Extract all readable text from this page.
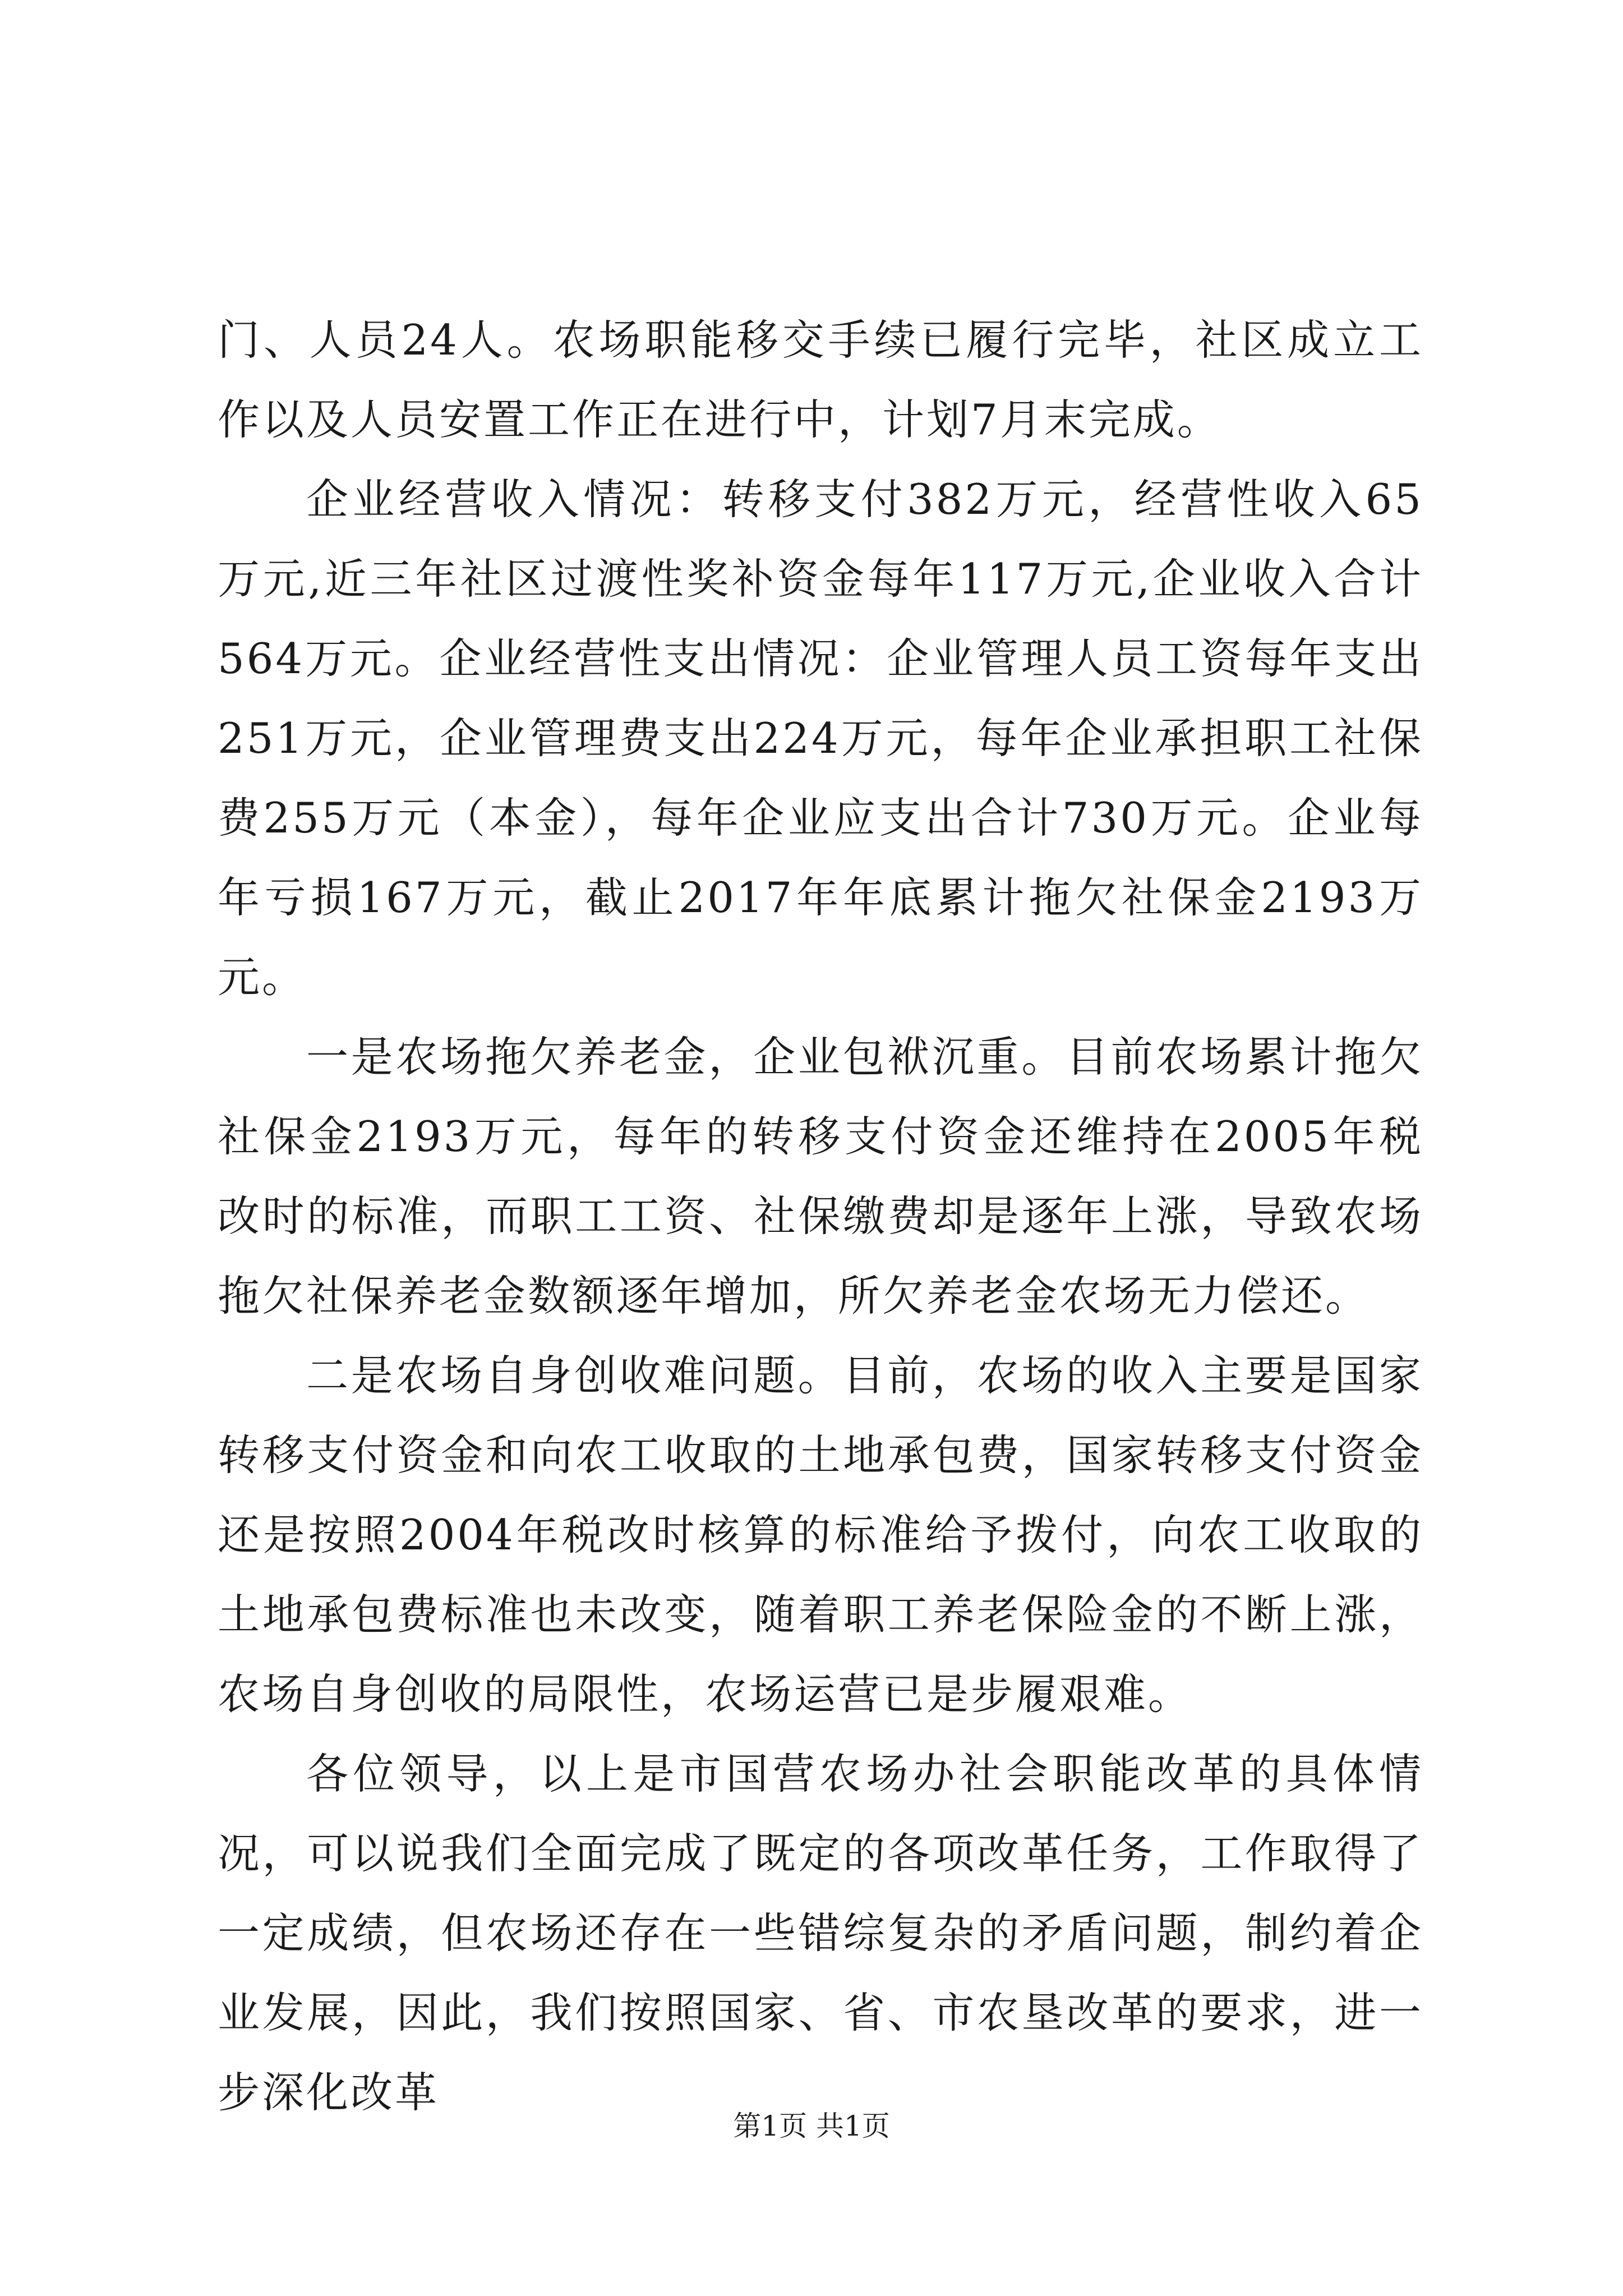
门、人员24人。农场职能移交手续已履行完毕，社区成立工作以及人员安置工作正在进行中，计划7月末完成。

企业经营收入情况：转移支付382万元，经营性收入65万元,近三年社区过渡性奖补资金每年117万元,企业收入合计564万元。企业经营性支出情况：企业管理人员工资每年支出251万元，企业管理费支出224万元，每年企业承担职工社保费255万元（本金），每年企业应支出合计730万元。企业每年亏损167万元，截止2017年年底累计拖欠社保金2193万元。

一是农场拖欠养老金，企业包袱沉重。目前农场累计拖欠社保金2193万元，每年的转移支付资金还维持在2005年税改时的标准，而职工工资、社保缴费却是逐年上涨，导致农场拖欠社保养老金数额逐年增加，所欠养老金农场无力偿还。

二是农场自身创收难问题。目前，农场的收入主要是国家转移支付资金和向农工收取的土地承包费，国家转移支付资金还是按照2004年税改时核算的标准给予拨付，向农工收取的土地承包费标准也未改变，随着职工养老保险金的不断上涨，农场自身创收的局限性，农场运营已是步履艰难。

各位领导，以上是市国营农场办社会职能改革的具体情况，可以说我们全面完成了既定的各项改革任务，工作取得了一定成绩，但农场还存在一些错综复杂的矛盾问题，制约着企业发展，因此，我们按照国家、省、市农垦改革的要求，进一步深化改革

第1页 共1页
